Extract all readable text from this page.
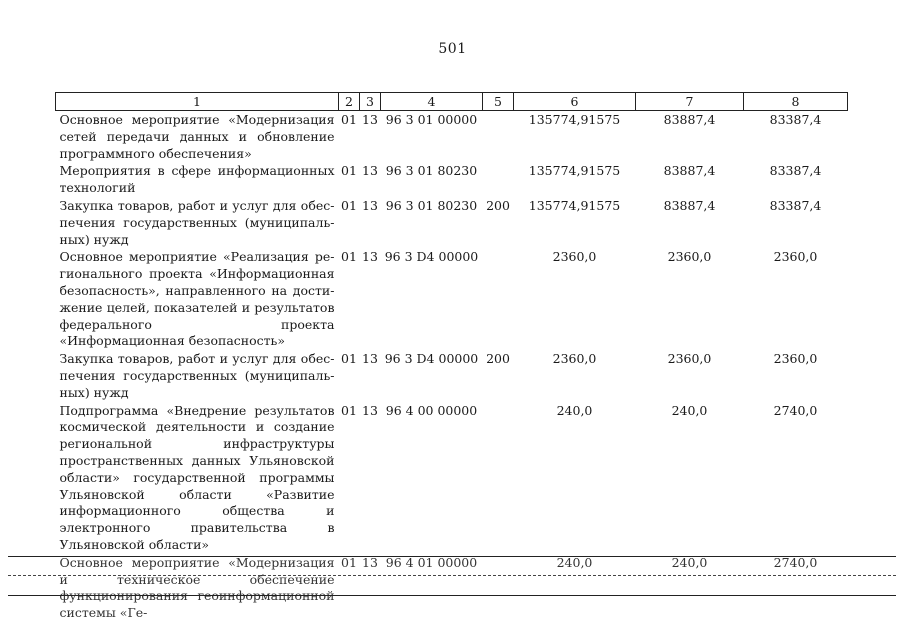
501
1	2	3	4	5	6	7	8
Основное мероприятие «Модернизация сетей передачи данных и обновление программного обеспечения»	01	13	96 3 01 00000		135774,91575	83887,4	83387,4
Мероприятия в сфере информационных технологий	01	13	96 3 01 80230		135774,91575	83887,4	83387,4
Закупка товаров, работ и услуг для обеспечения государственных (муниципальных) нужд	01	13	96 3 01 80230	200	135774,91575	83887,4	83387,4
Основное мероприятие «Реализация регионального проекта «Информационная безопасность», направленного на достижение целей, показателей и результатов федерального проекта «Информационная безопасность»	01	13	96 3 D4 00000		2360,0	2360,0	2360,0
Закупка товаров, работ и услуг для обеспечения государственных (муниципальных) нужд	01	13	96 3 D4 00000	200	2360,0	2360,0	2360,0
Подпрограмма «Внедрение результатов космической деятельности и создание региональной инфраструктуры пространственных данных Ульяновской области» государственной программы Ульяновской области «Развитие информационного общества и электронного правительства в Ульяновской области»	01	13	96 4 00 00000		240,0	240,0	2740,0
Основное мероприятие «Модернизация и техническое обеспечение функционирования геоинформационной системы «Ге-	01	13	96 4 01 00000		240,0	240,0	2740,0
